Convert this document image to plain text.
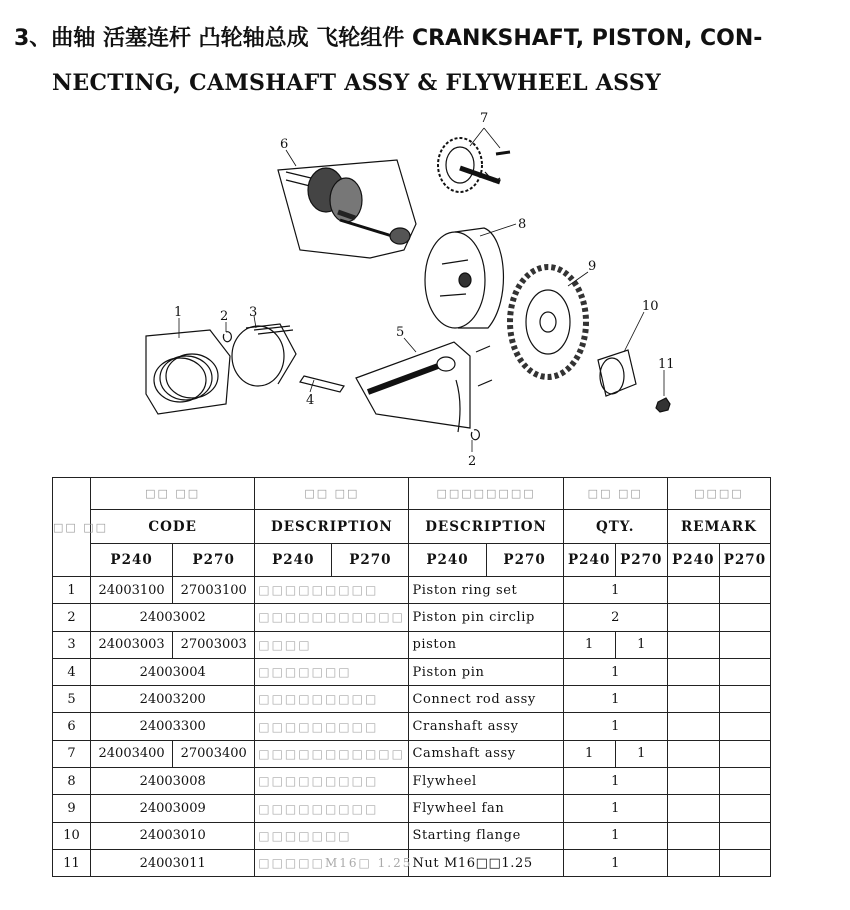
3、曲轴 活塞连杆 凸轮轴总成 飞轮组件 CRANKSHAFT, PISTON, CON-
NECTING, CAMSHAFT ASSY & FLYWHEEL ASSY
1	2 3
4
5
6
7
8
9
10
11
2
□□ □□	□□ □□		□□ □□		□□□□□□□□		□□ □□		□□□□	
	CODE		DESCRIPTION		DESCRIPTION		QTY.		REMARK	
	P240	P270	P240	P270	P240	P270	P240	P270	P240	P270
1	24003100	27003100	□□□□□□□□□		Piston ring set		1			
2	24003002		□□□□□□□□□□□		Piston pin circlip		2			
3	24003003	27003003	□□□□		piston		1	1		
4	24003004		□□□□□□□		Piston pin		1			
5	24003200		□□□□□□□□□		Connect rod assy		1			
6	24003300		□□□□□□□□□		Cranshaft assy		1			
7	24003400	27003400	□□□□□□□□□□□		Camshaft assy		1	1		
8	24003008		□□□□□□□□□		Flywheel		1			
9	24003009		□□□□□□□□□		Flywheel fan		1			
10	24003010		□□□□□□□		Starting flange		1			
11	24003011		□□□□□M16□ 1.25		Nut M16□□1.25		1			
